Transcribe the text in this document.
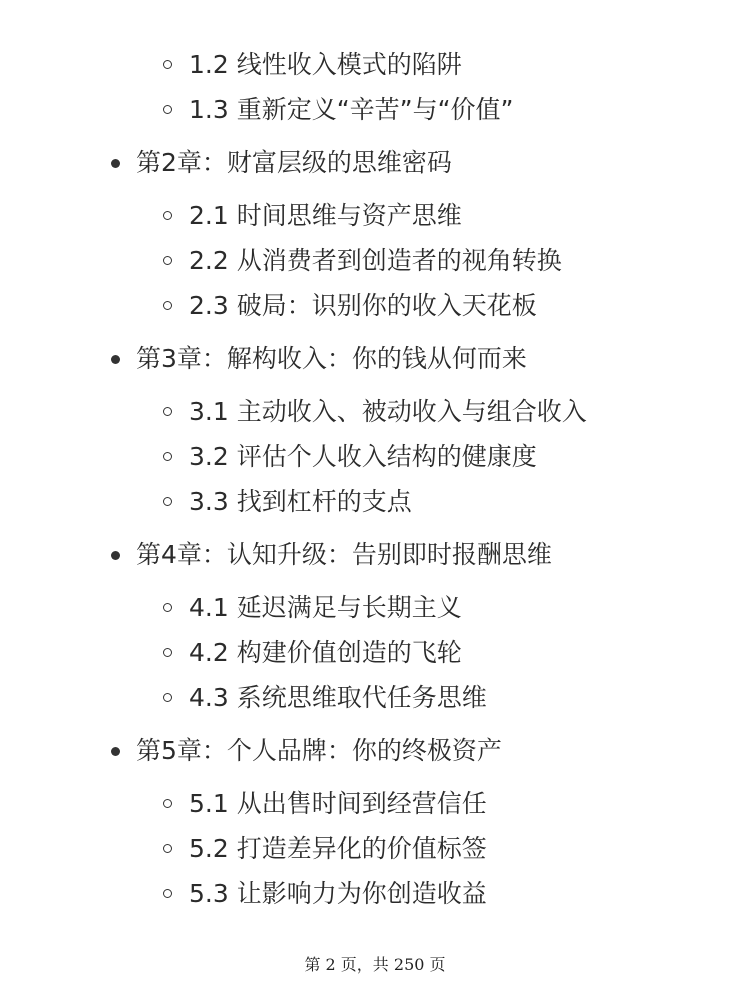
1.2 线性收入模式的陷阱
1.3 重新定义“辛苦”与“价值”
第2章：财富层级的思维密码
2.1 时间思维与资产思维
2.2 从消费者到创造者的视角转换
2.3 破局：识别你的收入天花板
第3章：解构收入：你的钱从何而来
3.1 主动收入、被动收入与组合收入
3.2 评估个人收入结构的健康度
3.3 找到杠杆的支点
第4章：认知升级：告别即时报酬思维
4.1 延迟满足与长期主义
4.2 构建价值创造的飞轮
4.3 系统思维取代任务思维
第5章：个人品牌：你的终极资产
5.1 从出售时间到经营信任
5.2 打造差异化的价值标签
5.3 让影响力为你创造收益
第 2 页，共 250 页
